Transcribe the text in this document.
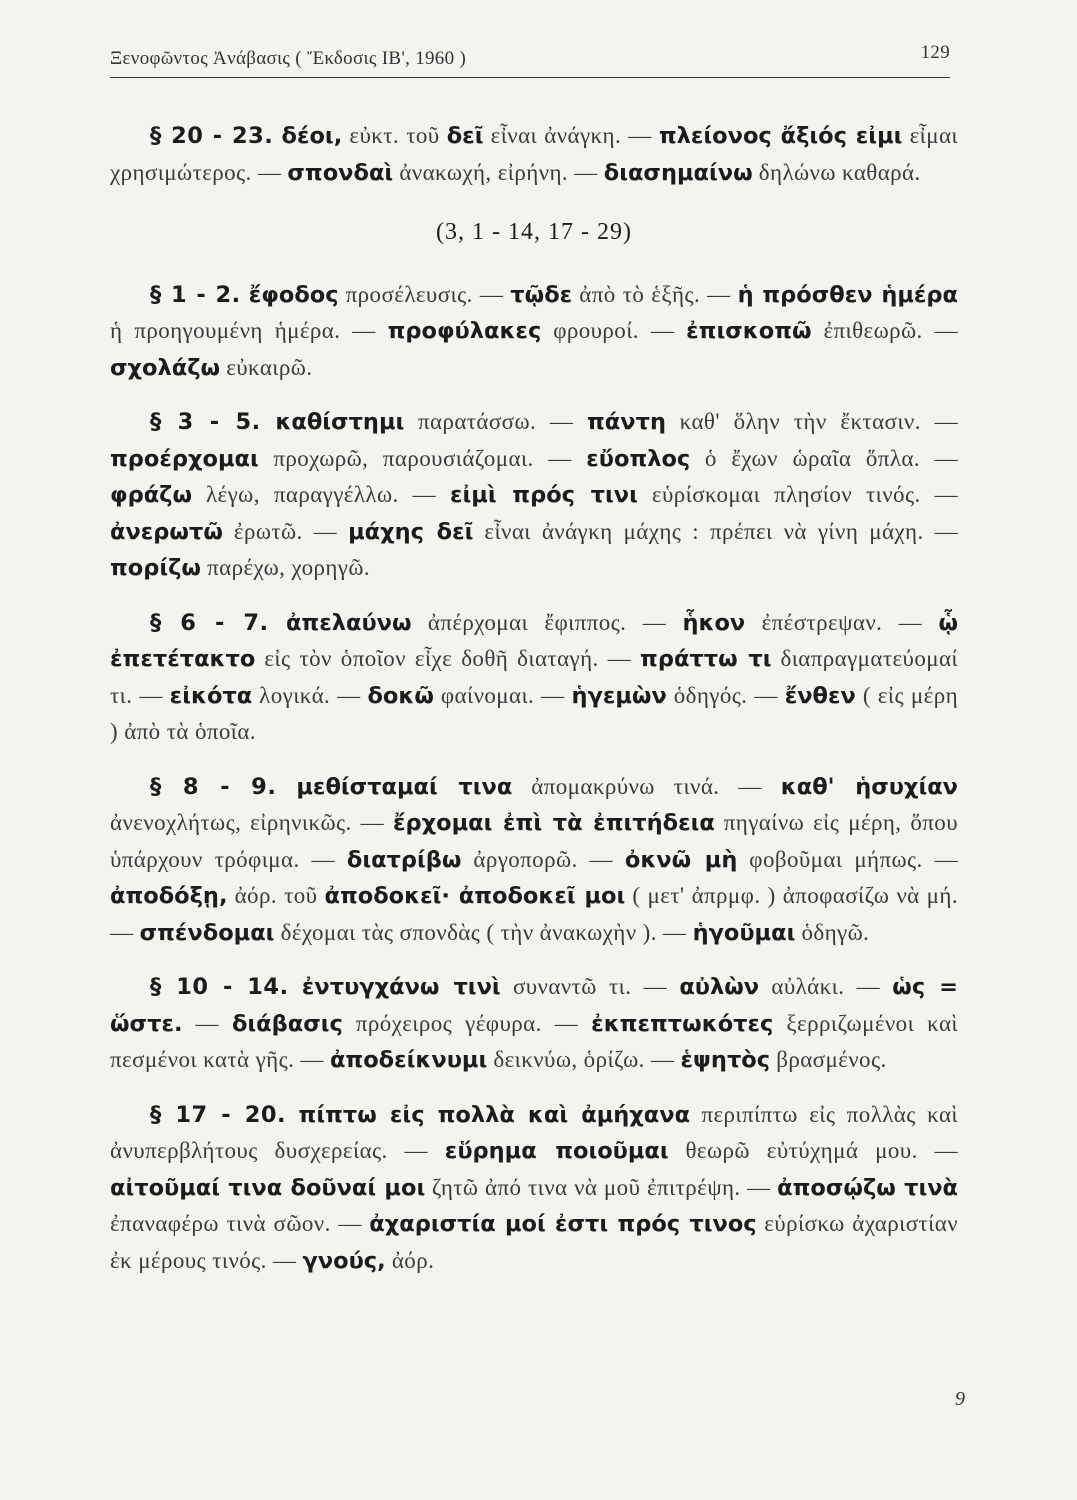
Ξενοφῶντος Ἀνάβασις ( Ἔκδοσις ΙΒ', 1960 )	129

§ 20 - 23. δέοι, εὐκτ. τοῦ δεῖ εἶναι ἀνάγκη. — πλείονος ἄξιός εἰμι εἶμαι χρησιμώτερος. — σπονδαὶ ἀνακωχή, εἰρήνη. — διασημαίνω δηλώνω καθαρά.

(3, 1 - 14, 17 - 29)

§ 1 - 2. ἔφοδος προσέλευσις. — τῷδε ἀπὸ τὸ ἑξῆς. — ἡ πρόσθεν ἡμέρα ἡ προηγουμένη ἡμέρα. — προφύλακες φρουροί. — ἐπισκοπῶ ἐπιθεωρῶ. — σχολάζω εὐκαιρῶ.

§ 3 - 5. καθίστημι παρατάσσω. — πάντη καθ' ὅλην τὴν ἔκτασιν. — προέρχομαι προχωρῶ, παρουσιάζομαι. — εὔοπλος ὁ ἔχων ὡραῖα ὅπλα. — φράζω λέγω, παραγγέλλω. — εἰμὶ πρός τινι εὑρίσκομαι πλησίον τινός. — ἀνερωτῶ ἐρωτῶ. — μάχης δεῖ εἶναι ἀνάγκη μάχης : πρέπει νὰ γίνη μάχη. — πορίζω παρέχω, χορηγῶ.

§ 6 - 7. ἀπελαύνω ἀπέρχομαι ἔφιππος. — ἧκον ἐπέστρεψαν. — ᾧ ἐπετέτακτο εἰς τὸν ὁποῖον εἶχε δοθῆ διαταγή. — πράττω τι διαπραγματεύομαί τι. — εἰκότα λογικά. — δοκῶ φαίνομαι. — ἡγεμὼν ὁδηγός. — ἔνθεν ( εἰς μέρη ) ἀπὸ τὰ ὁποῖα.

§ 8 - 9. μεθίσταμαί τινα ἀπομακρύνω τινά. — καθ' ἡσυχίαν ἀνενοχλήτως, εἰρηνικῶς. — ἔρχομαι ἐπὶ τὰ ἐπιτήδεια πηγαίνω εἰς μέρη, ὅπου ὑπάρχουν τρόφιμα. — διατρίβω ἀργοπορῶ. — ὀκνῶ μὴ φοβοῦμαι μήπως. — ἀποδόξῃ, ἀόρ. τοῦ ἀποδοκεῖ· ἀποδοκεῖ μοι ( μετ' ἀπρμφ. ) ἀποφασίζω νὰ μή. — σπένδομαι δέχομαι τὰς σπονδὰς ( τὴν ἀνακωχὴν ). — ἡγοῦμαι ὁδηγῶ.

§ 10 - 14. ἐντυγχάνω τινὶ συναντῶ τι. — αὐλὼν αὐλάκι. — ὡς = ὥστε. — διάβασις πρόχειρος γέφυρα. — ἐκπεπτωκότες ξερριζωμένοι καὶ πεσμένοι κατὰ γῆς. — ἀποδείκνυμι δεικνύω, ὁρίζω. — ἑψητὸς βρασμένος.

§ 17 - 20. πίπτω εἰς πολλὰ καὶ ἀμήχανα περιπίπτω εἰς πολλὰς καὶ ἀνυπερβλήτους δυσχερείας. — εὕρημα ποιοῦμαι θεωρῶ εὐτύχημά μου. — αἰτοῦμαί τινα δοῦναί μοι ζητῶ ἀπό τινα νὰ μοῦ ἐπιτρέψη. — ἀποσῴζω τινὰ ἐπαναφέρω τινὰ σῶον. — ἀχαριστία μοί ἐστι πρός τινος εὑρίσκω ἀχαριστίαν ἐκ μέρους τινός. — γνούς, ἀόρ.

9
